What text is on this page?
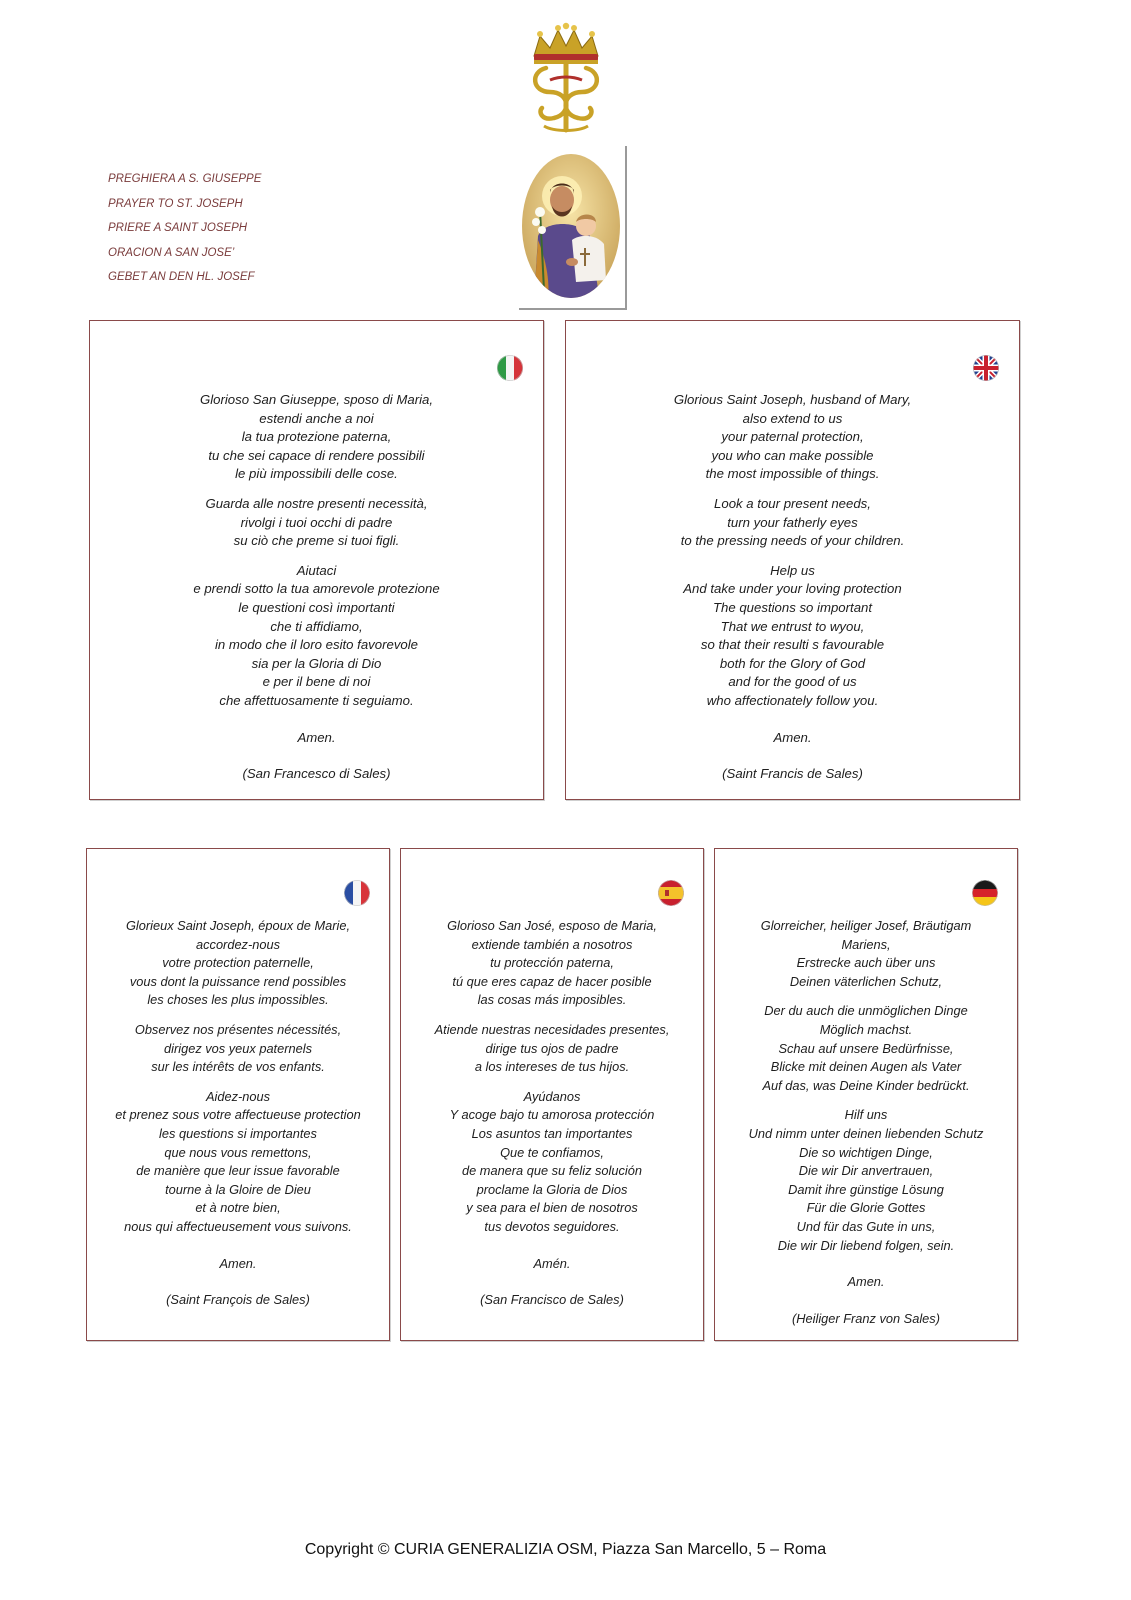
PREGHIERA A S. GIUSEPPE
PRAYER TO ST. JOSEPH
PRIERE A SAINT JOSEPH
ORACION A SAN JOSE’
GEBET AN DEN HL. JOSEF
Glorioso San Giuseppe, sposo di Maria,
estendi anche a noi
la tua protezione paterna,
tu che sei capace di rendere possibili
le più impossibili delle cose.
Guarda alle nostre presenti necessità,
rivolgi i tuoi occhi di padre
su ciò che preme si tuoi figli.
Aiutaci
e prendi sotto la tua amorevole protezione
le questioni così importanti
che ti affidiamo,
in modo che il loro esito favorevole
sia per la Gloria di Dio
e per il bene di noi
che affettuosamente ti seguiamo.
Amen.
(San Francesco di Sales)
Glorious Saint Joseph, husband of Mary,
also extend to us
your paternal protection,
you who can make possible
the most impossible of things.
Look a tour present needs,
turn your fatherly eyes
to the pressing needs of your children.
Help us
And take under your loving protection
The questions so important
That we entrust to wyou,
so that their resulti s favourable
both for the Glory of God
and for the good of us
who affectionately follow you.
Amen.
(Saint Francis de Sales)
Glorieux Saint Joseph, époux de Marie,
accordez-nous
votre protection paternelle,
vous dont la puissance rend possibles
les choses les plus impossibles.
Observez nos présentes nécessités,
dirigez vos yeux paternels
sur les intérêts de vos enfants.
Aidez-nous
et prenez sous votre affectueuse protection
les questions si importantes
que nous vous remettons,
de manière que leur issue favorable
tourne à la Gloire de Dieu
et à notre bien,
nous qui affectueusement vous suivons.
Amen.
(Saint François de Sales)
Glorioso San José, esposo de Maria,
extiende también a nosotros
tu protección paterna,
tú que eres capaz de hacer posible
las cosas más imposibles.
Atiende nuestras necesidades presentes,
dirige tus ojos de padre
a los intereses de tus hijos.
Ayúdanos
Y acoge bajo tu amorosa protección
Los asuntos tan importantes
Que te confiamos,
de manera que su feliz solución
proclame la Gloria de Dios
y sea para el bien de nosotros
tus devotos seguidores.
Amén.
(San Francisco de Sales)
Glorreicher, heiliger Josef, Bräutigam
Mariens,
Erstrecke auch über uns
Deinen väterlichen Schutz,
Der du auch die unmöglichen Dinge
Möglich machst.
Schau auf unsere Bedürfnisse,
Blicke mit deinen Augen als Vater
Auf das, was Deine Kinder bedrückt.
Hilf uns
Und nimm unter deinen liebenden Schutz
Die so wichtigen Dinge,
Die wir Dir anvertrauen,
Damit ihre günstige Lösung
Für die Glorie Gottes
Und für das Gute in uns,
Die wir Dir liebend folgen, sein.
Amen.
(Heiliger Franz von Sales)
Copyright © CURIA GENERALIZIA OSM, Piazza San Marcello, 5 – Roma
